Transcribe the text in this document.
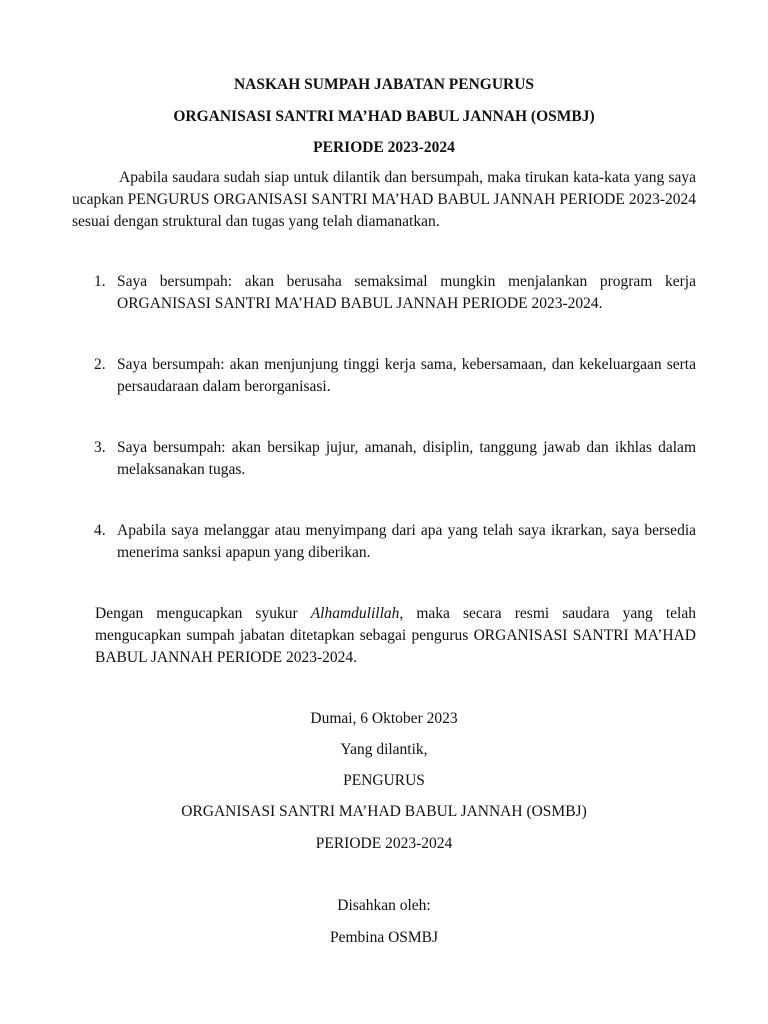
NASKAH SUMPAH JABATAN PENGURUS
ORGANISASI SANTRI MA’HAD BABUL JANNAH (OSMBJ)
PERIODE 2023-2024

Apabila saudara sudah siap untuk dilantik dan bersumpah, maka tirukan kata-kata yang saya ucapkan PENGURUS ORGANISASI SANTRI MA’HAD BABUL JANNAH PERIODE 2023-2024 sesuai dengan struktural dan tugas yang telah diamanatkan.

1. Saya bersumpah: akan berusaha semaksimal mungkin menjalankan program kerja ORGANISASI SANTRI MA’HAD BABUL JANNAH PERIODE 2023-2024.
2. Saya bersumpah: akan menjunjung tinggi kerja sama, kebersamaan, dan kekeluargaan serta persaudaraan dalam berorganisasi.
3. Saya bersumpah: akan bersikap jujur, amanah, disiplin, tanggung jawab dan ikhlas dalam melaksanakan tugas.
4. Apabila saya melanggar atau menyimpang dari apa yang telah saya ikrarkan, saya bersedia menerima sanksi apapun yang diberikan.

Dengan mengucapkan syukur Alhamdulillah, maka secara resmi saudara yang telah mengucapkan sumpah jabatan ditetapkan sebagai pengurus ORGANISASI SANTRI MA’HAD BABUL JANNAH PERIODE 2023-2024.

Dumai, 6 Oktober 2023

Yang dilantik,

PENGURUS

ORGANISASI SANTRI MA’HAD BABUL JANNAH (OSMBJ)

PERIODE 2023-2024

Disahkan oleh:

Pembina OSMBJ
